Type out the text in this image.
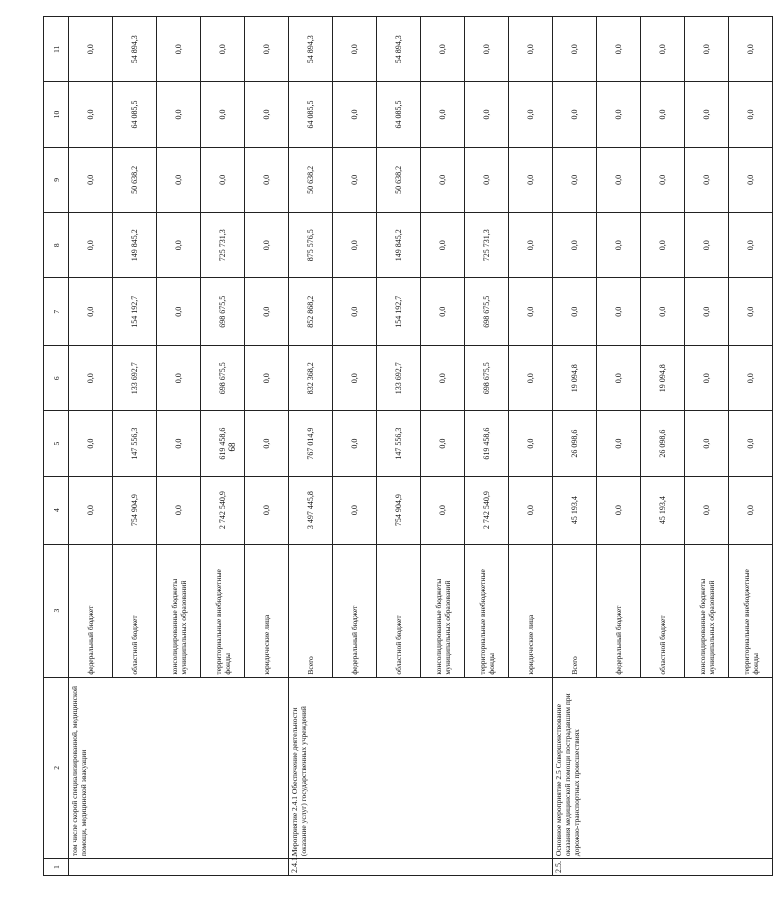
68
1	2	3	4	5	6	7	8	9	10	11
	том числе скорой специализированной, медицинской помощи, медицинской эвакуации	федеральный бюджет	0,0	0,0	0,0	0,0	0,0	0,0	0,0	0,0
		областной бюджет	754 904,9	147 556,3	133 692,7	154 192,7	149 845,2	50 638,2	64 085,5	54 894,3
		консолидированные бюджеты муниципальных образований	0,0	0,0	0,0	0,0	0,0	0,0	0,0	0,0
		территориальные внебюджетные фонды	2 742 540,9	619 458,6	698 675,5	698 675,5	725 731,3	0,0	0,0	0,0
		юридические лица	0,0	0,0	0,0	0,0	0,0	0,0	0,0	0,0
2.4.1.	Мероприятие 2.4.1 Обеспечение деятельности (оказание услуг) государственных учреждений	Всего	3 497 445,8	767 014,9	832 368,2	852 868,2	875 576,5	50 638,2	64 085,5	54 894,3
		федеральный бюджет	0,0	0,0	0,0	0,0	0,0	0,0	0,0	0,0
		областной бюджет	754 904,9	147 556,3	133 692,7	154 192,7	149 845,2	50 638,2	64 085,5	54 894,3
		консолидированные бюджеты муниципальных образований	0,0	0,0	0,0	0,0	0,0	0,0	0,0	0,0
		территориальные внебюджетные фонды	2 742 540,9	619 458,6	698 675,5	698 675,5	725 731,3	0,0	0,0	0,0
		юридические лица	0,0	0,0	0,0	0,0	0,0	0,0	0,0	0,0
2.5.	Основное мероприятие 2.5 Совершенствование оказания медицинской помощи пострадавшим при дорожно-транспортных происшествиях	Всего	45 193,4	26 098,6	19 094,8	0,0	0,0	0,0	0,0	0,0
		федеральный бюджет	0,0	0,0	0,0	0,0	0,0	0,0	0,0	0,0
		областной бюджет	45 193,4	26 098,6	19 094,8	0,0	0,0	0,0	0,0	0,0
		консолидированные бюджеты муниципальных образований	0,0	0,0	0,0	0,0	0,0	0,0	0,0	0,0
		территориальные внебюджетные фонды	0,0	0,0	0,0	0,0	0,0	0,0	0,0	0,0
